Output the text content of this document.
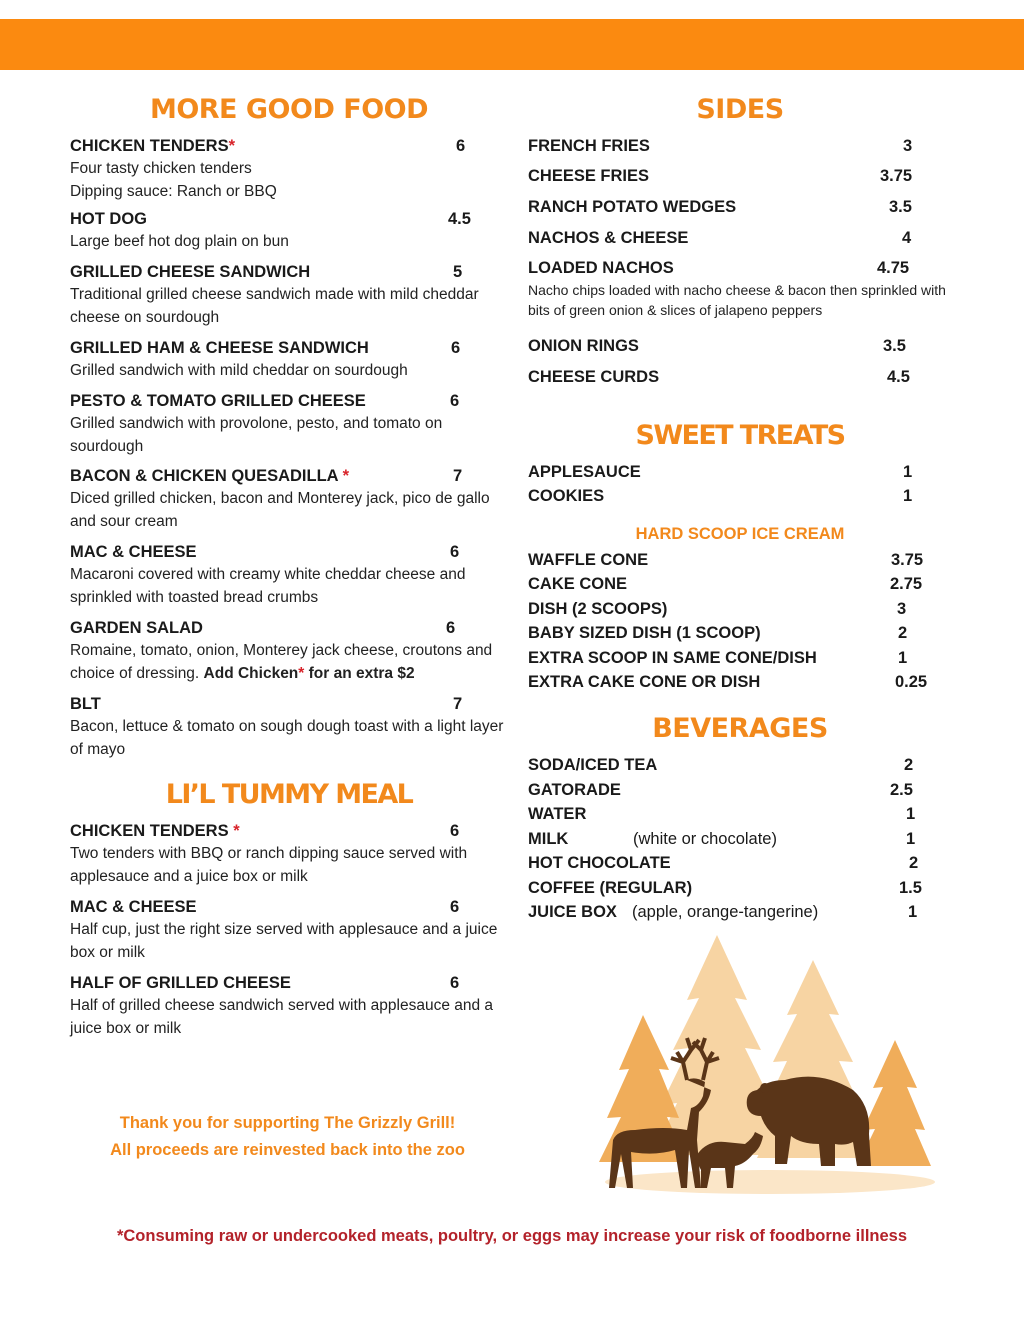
MORE GOOD FOOD
CHICKEN TENDERS*	6
Four tasty chicken tenders
Dipping sauce: Ranch or BBQ
HOT DOG	4.5
Large beef hot dog plain on bun
GRILLED CHEESE SANDWICH	5
Traditional grilled cheese sandwich made with mild cheddar cheese on sourdough
GRILLED HAM & CHEESE SANDWICH	6
Grilled sandwich with mild cheddar on sourdough
PESTO & TOMATO GRILLED CHEESE	6
Grilled sandwich with provolone, pesto, and tomato on sourdough
BACON & CHICKEN QUESADILLA *	7
Diced grilled chicken, bacon and Monterey jack, pico de gallo and sour cream
MAC & CHEESE	6
Macaroni covered with creamy white cheddar cheese and sprinkled with toasted bread crumbs
GARDEN SALAD	6
Romaine, tomato, onion, Monterey jack cheese, croutons and choice of dressing. Add Chicken* for an extra $2
BLT	7
Bacon, lettuce & tomato on sough dough toast with a light layer of mayo
LI’L TUMMY MEAL
CHICKEN TENDERS *	6
Two tenders with BBQ or ranch dipping sauce served with applesauce and a juice box or milk
MAC & CHEESE	6
Half cup, just the right size served with applesauce and a juice box or milk
HALF OF GRILLED CHEESE	6
Half of grilled cheese sandwich served with applesauce and a juice box or milk
SIDES
FRENCH FRIES	3
CHEESE FRIES	3.75
RANCH POTATO WEDGES	3.5
NACHOS & CHEESE	4
LOADED NACHOS	4.75
Nacho chips loaded with nacho cheese & bacon then sprinkled with bits of green onion & slices of jalapeno peppers
ONION RINGS	3.5
CHEESE CURDS	4.5
SWEET TREATS
APPLESAUCE	1
COOKIES	1
HARD SCOOP ICE CREAM
WAFFLE CONE	3.75
CAKE CONE	2.75
DISH (2 SCOOPS)	3
BABY SIZED DISH (1 SCOOP)	2
EXTRA SCOOP IN SAME CONE/DISH	1
EXTRA CAKE CONE OR DISH	0.25
BEVERAGES
SODA/ICED TEA	2
GATORADE	2.5
WATER	1
MILK	(white or chocolate)	1
HOT CHOCOLATE	2
COFFEE (REGULAR)	1.5
JUICE BOX (apple, orange-tangerine)	1
Thank you for supporting The Grizzly Grill!
All proceeds are reinvested back into the zoo
*Consuming raw or undercooked meats, poultry, or eggs may increase your risk of foodborne illness
